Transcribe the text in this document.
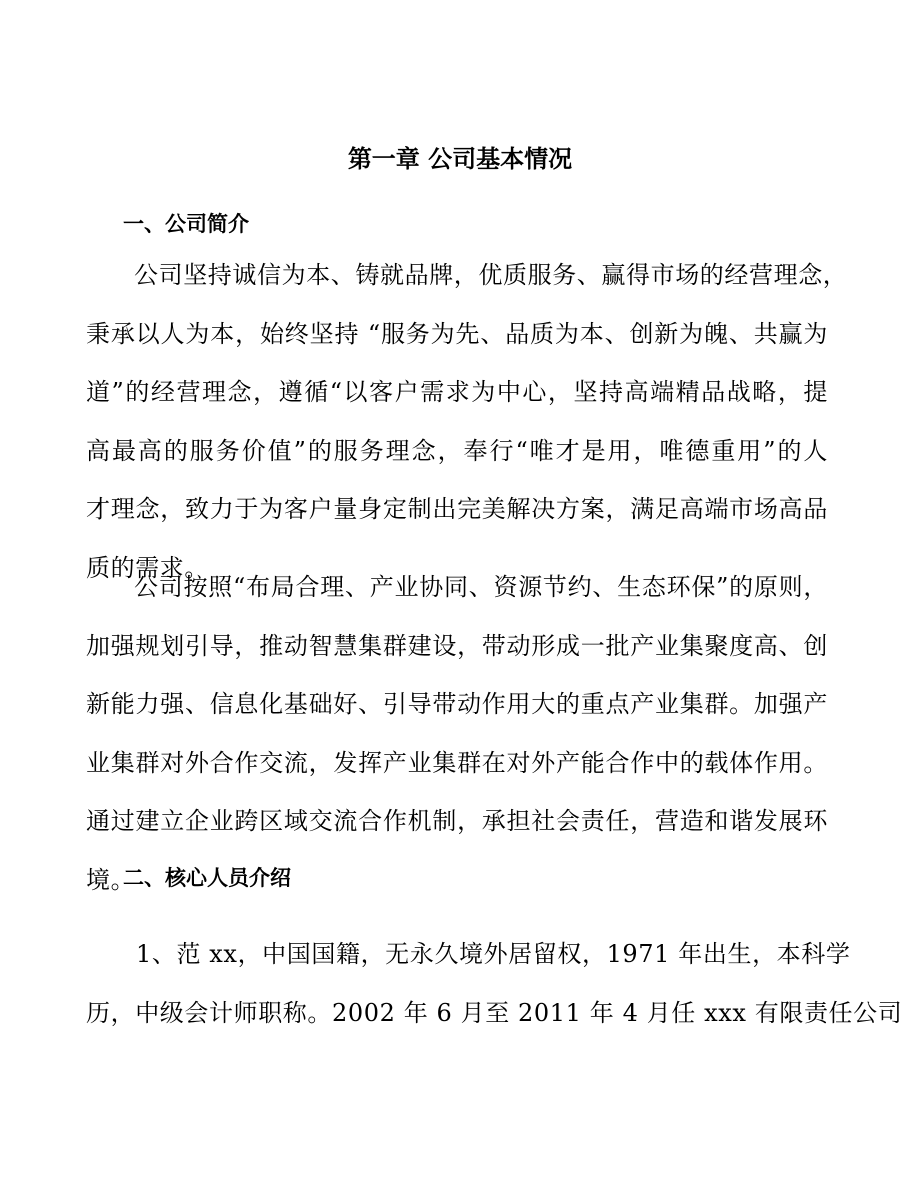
第一章 公司基本情况
一、公司简介

公司坚持诚信为本、铸就品牌，优质服务、赢得市场的经营理念，
秉承以人为本，始终坚持 “服务为先、品质为本、创新为魄、共赢为
道”的经营理念，遵循“以客户需求为中心，坚持高端精品战略，提
高最高的服务价值”的服务理念，奉行“唯才是用，唯德重用”的人
才理念，致力于为客户量身定制出完美解决方案，满足高端市场高品
质的需求。

公司按照“布局合理、产业协同、资源节约、生态环保”的原则，
加强规划引导，推动智慧集群建设，带动形成一批产业集聚度高、创
新能力强、信息化基础好、引导带动作用大的重点产业集群。加强产
业集群对外合作交流，发挥产业集群在对外产能合作中的载体作用。
通过建立企业跨区域交流合作机制，承担社会责任，营造和谐发展环
境。

二、核心人员介绍

1、范 xx，中国国籍，无永久境外居留权，1971 年出生，本科学
历，中级会计师职称。2002 年 6 月至 2011 年 4 月任 xxx 有限责任公司
